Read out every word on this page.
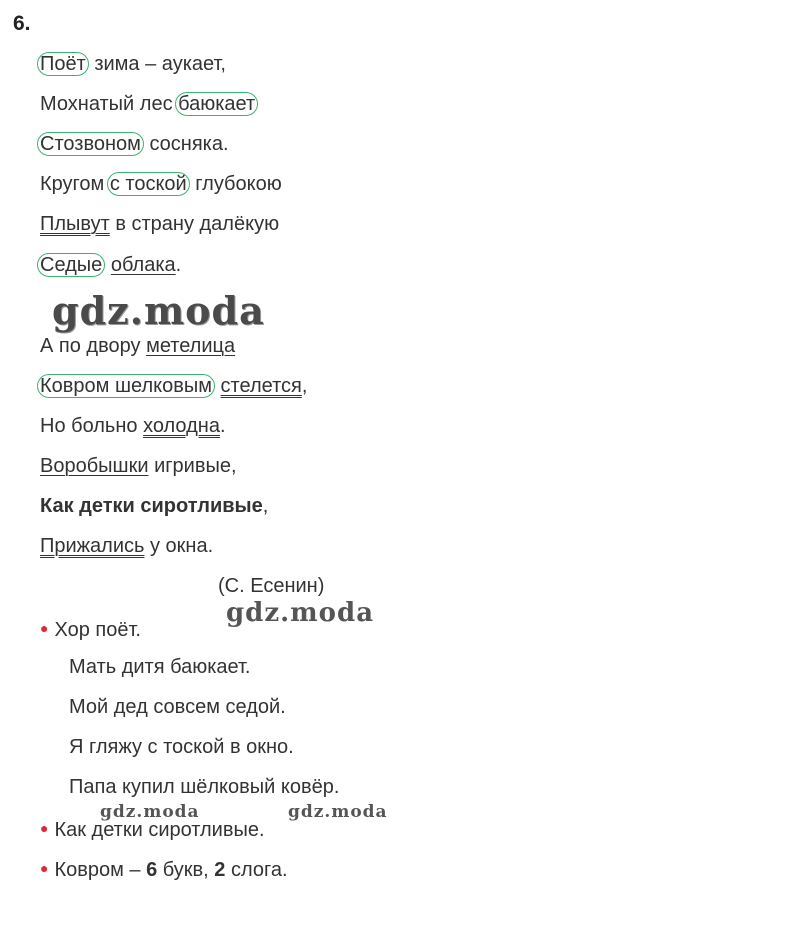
6.
Поёт зима – аукает,
Мохнатый лес баюкает
Стозвоном сосняка.
Кругом с тоской глубокою
Плывут в страну далёкую
Седые облака.
А по двору метелица
Ковром шелковым стелется,
Но больно холодна.
Воробышки игривые,
Как детки сиротливые,
Прижались у окна.
(С. Есенин)
● Хор поёт.
Мать дитя баюкает.
Мой дед совсем седой.
Я гляжу с тоской в окно.
Папа купил шёлковый ковёр.
● Как детки сиротливые.
● Ковром – 6 букв, 2 слога.
gdz.moda
gdz.moda
gdz.moda	gdz.moda
